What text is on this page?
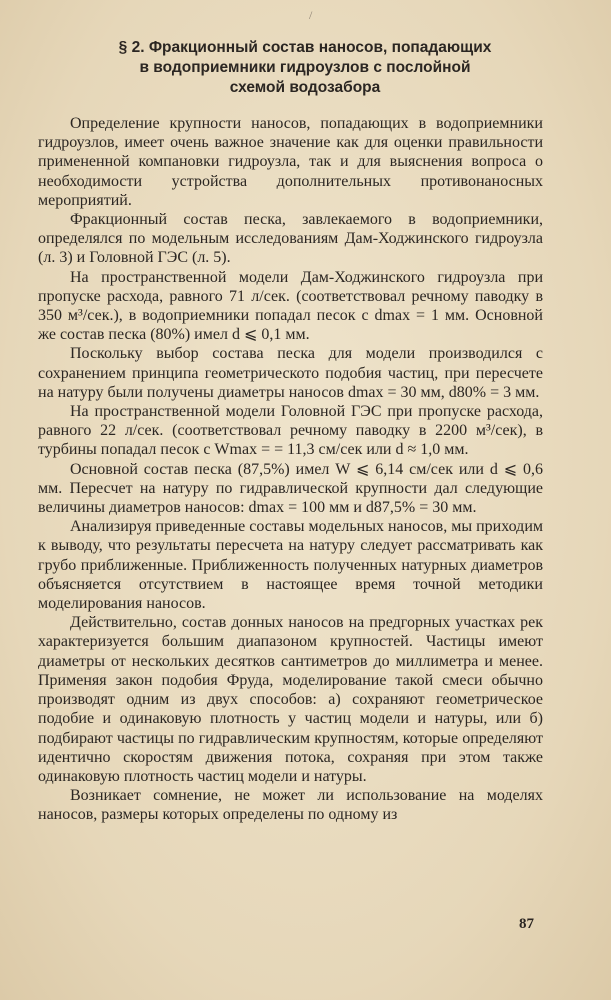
/
§ 2. Фракционный состав наносов, попадающих
в водоприемники гидроузлов с послойной
схемой водозабора

Определение крупности наносов, попадающих в водоприемники гидроузлов, имеет очень важное значение как для оценки правильности примененной компановки гидроузла, так и для выяснения вопроса о необходимости устройства дополнительных противонаносных мероприятий.

Фракционный состав песка, завлекаемого в водоприемники, определялся по модельным исследованиям Дам-Ходжинского гидроузла (л. 3) и Головной ГЭС (л. 5).

На пространственной модели Дам-Ходжинского гидроузла при пропуске расхода, равного 71 л/сек. (соответствовал речному паводку в 350 м³/сек.), в водоприемники попадал песок с dmax = 1 мм. Основной же состав песка (80%) имел d ⩽ 0,1 мм.

Поскольку выбор состава песка для модели производился с сохранением принципа геометрическото подобия частиц, при пересчете на натуру были получены диаметры наносов dmax = 30 мм, d80% = 3 мм.

На пространственной модели Головной ГЭС при пропуске расхода, равного 22 л/сек. (соответствовал речному паводку в 2200 м³/сек), в турбины попадал песок с Wmax = = 11,3 см/сек или d ≈ 1,0 мм.

Основной состав песка (87,5%) имел W ⩽ 6,14 см/сек или d ⩽ 0,6 мм. Пересчет на натуру по гидравлической крупности дал следующие величины диаметров наносов: dmax = 100 мм и d87,5% = 30 мм.

Анализируя приведенные составы модельных наносов, мы приходим к выводу, что результаты пересчета на натуру следует рассматривать как грубо приближенные. Приближенность полученных натурных диаметров объясняется отсутствием в настоящее время точной методики моделирования наносов.

Действительно, состав донных наносов на предгорных участках рек характеризуется большим диапазоном крупностей. Частицы имеют диаметры от нескольких десятков сантиметров до миллиметра и менее. Применяя закон подобия Фруда, моделирование такой смеси обычно производят одним из двух способов: а) сохраняют геометрическое подобие и одинаковую плотность у частиц модели и натуры, или б) подбирают частицы по гидравлическим крупностям, которые определяют идентично скоростям движения потока, сохраняя при этом также одинаковую плотность частиц модели и натуры.

Возникает сомнение, не может ли использование на моделях наносов, размеры которых определены по одному из

87
